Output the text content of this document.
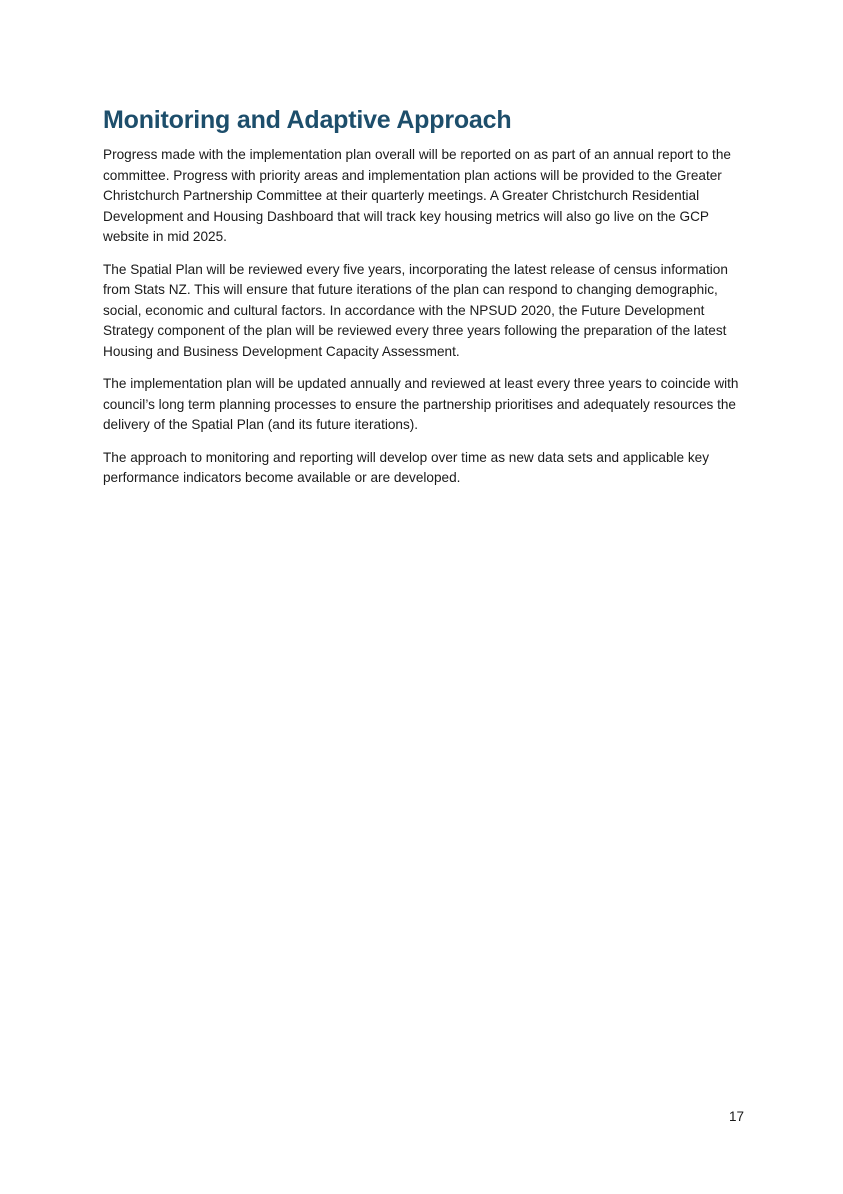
Monitoring and Adaptive Approach

Progress made with the implementation plan overall will be reported on as part of an annual report to the committee. Progress with priority areas and implementation plan actions will be provided to the Greater Christchurch Partnership Committee at their quarterly meetings. A Greater Christchurch Residential Development and Housing Dashboard that will track key housing metrics will also go live on the GCP website in mid 2025.

The Spatial Plan will be reviewed every five years, incorporating the latest release of census information from Stats NZ. This will ensure that future iterations of the plan can respond to changing demographic, social, economic and cultural factors. In accordance with the NPSUD 2020, the Future Development Strategy component of the plan will be reviewed every three years following the preparation of the latest Housing and Business Development Capacity Assessment.

The implementation plan will be updated annually and reviewed at least every three years to coincide with council’s long term planning processes to ensure the partnership prioritises and adequately resources the delivery of the Spatial Plan (and its future iterations).

The approach to monitoring and reporting will develop over time as new data sets and applicable key performance indicators become available or are developed.

17
